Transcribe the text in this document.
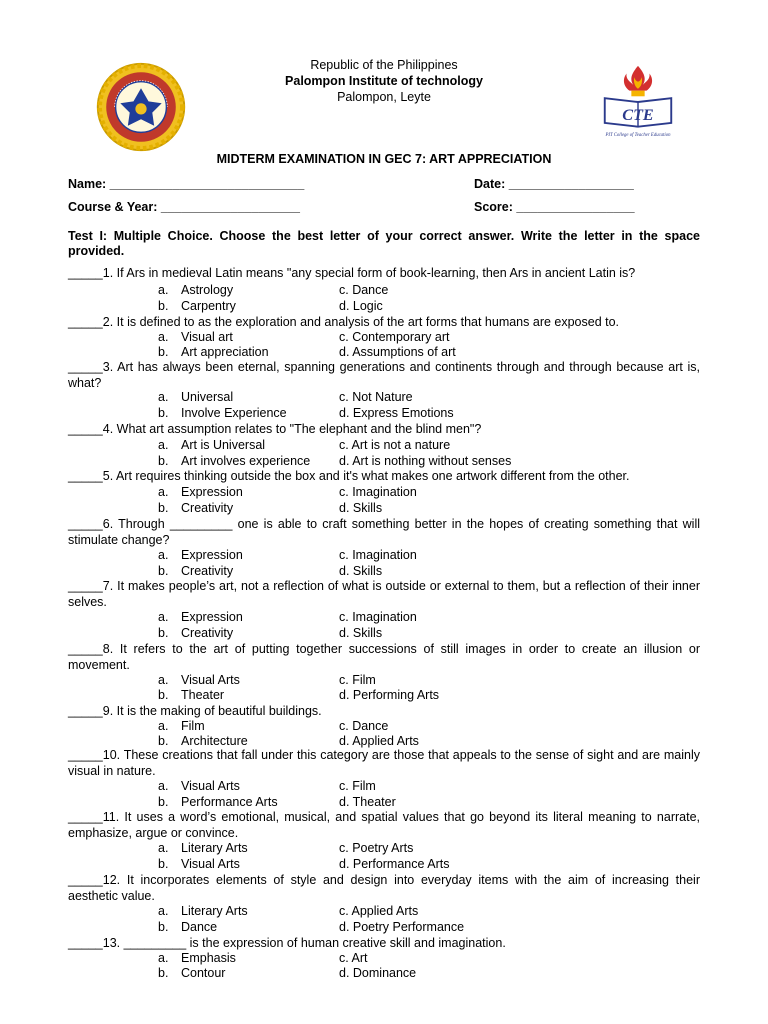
Republic of the Philippines
Palompon Institute of technology
Palompon, Leyte
CTE
PIT College of Teacher Education
MIDTERM EXAMINATION IN GEC 7: ART APPRECIATION
Name: ____________________________	Date: __________________
Course & Year: ____________________	Score: _________________
Test I: Multiple Choice. Choose the best letter of your correct answer. Write the letter in the space provided.
_____1. If Ars in medieval Latin means "any special form of book-learning, then Ars in ancient Latin is?
a. Astrology
b. Carpentry
c. Dance
d. Logic
_____2. It is defined to as the exploration and analysis of the art forms that humans are exposed to.
a. Visual art
b. Art appreciation
c. Contemporary art
d. Assumptions of art
_____3. Art has always been eternal, spanning generations and continents through and through because art is, what?
a. Universal
b. Involve Experience
c. Not Nature
d. Express Emotions
_____4. What art assumption relates to "The elephant and the blind men"?
a. Art is Universal
b. Art involves experience
c. Art is not a nature
d. Art is nothing without senses
_____5. Art requires thinking outside the box and it's what makes one artwork different from the other.
a. Expression
b. Creativity
c. Imagination
d. Skills
_____6. Through _________ one is able to craft something better in the hopes of creating something that will stimulate change?
a. Expression
b. Creativity
c. Imagination
d. Skills
_____7. It makes people’s art, not a reflection of what is outside or external to them, but a reflection of their inner selves.
a. Expression
b. Creativity
c. Imagination
d. Skills
_____8. It refers to the art of putting together successions of still images in order to create an illusion or movement.
a. Visual Arts
b. Theater
c. Film
d. Performing Arts
_____9. It is the making of beautiful buildings.
a. Film
b. Architecture
c. Dance
d. Applied Arts
_____10. These creations that fall under this category are those that appeals to the sense of sight and are mainly visual in nature.
a. Visual Arts
b. Performance Arts
c. Film
d. Theater
_____11. It uses a word’s emotional, musical, and spatial values that go beyond its literal meaning to narrate, emphasize, argue or convince.
a. Literary Arts
b. Visual Arts
c. Poetry Arts
d. Performance Arts
_____12. It incorporates elements of style and design into everyday items with the aim of increasing their aesthetic value.
a. Literary Arts
b. Dance
c. Applied Arts
d. Poetry Performance
_____13. _________ is the expression of human creative skill and imagination.
a. Emphasis
b. Contour
c. Art
d. Dominance
